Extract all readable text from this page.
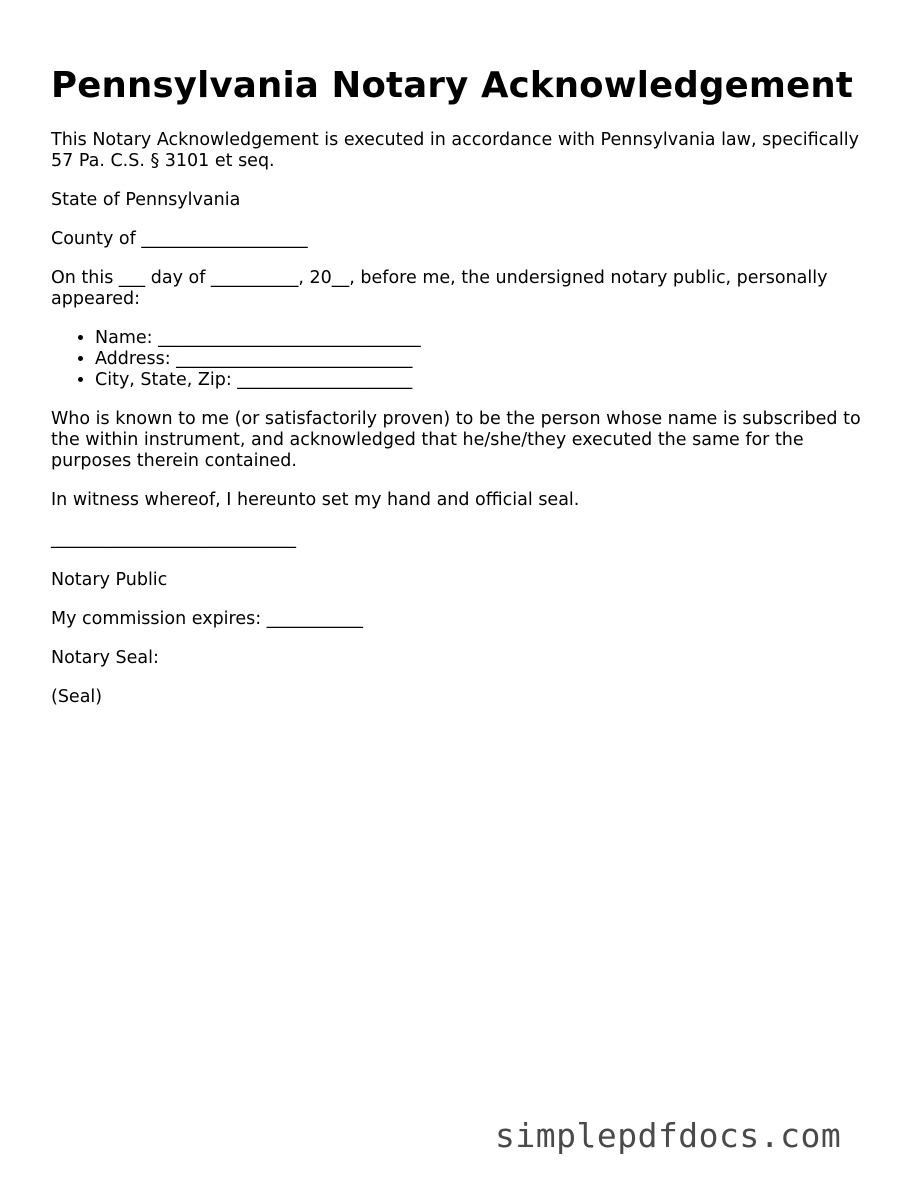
Pennsylvania Notary Acknowledgement

This Notary Acknowledgement is executed in accordance with Pennsylvania law, specifically 57 Pa. C.S. § 3101 et seq.

State of Pennsylvania

County of ___________________

On this ___ day of __________, 20__, before me, the undersigned notary public, personally appeared:

• Name: ______________________________
• Address: ___________________________
• City, State, Zip: ____________________

Who is known to me (or satisfactorily proven) to be the person whose name is subscribed to the within instrument, and acknowledged that he/she/they executed the same for the purposes therein contained.

In witness whereof, I hereunto set my hand and official seal.

____________________________

Notary Public

My commission expires: ___________

Notary Seal:

(Seal)

simplepdfdocs.com
